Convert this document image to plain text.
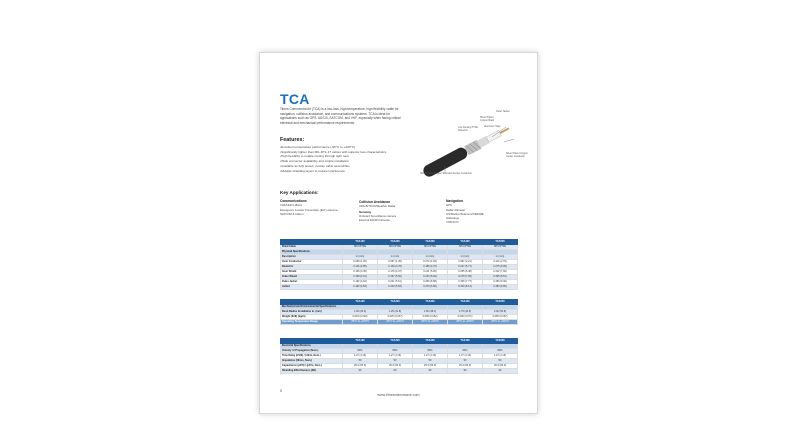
TCA
Times Commercial Air (TCA) is a low-loss, high-temperature, high flexibility cable for navigation, collision avoidance, and communications systems. TCA is ideal for applications such as GPS, ADS-B, SATCOM, and VHF, especially when facing critical electrical and mechanical performance requirements.
Features:
• Excellent temperature performance (-65°C to +200°C)
• Significantly lighter than MIL-DTL-17 cables with superior loss characteristics
• High flexibility to enable routing through tight runs
• Wide connector availability and simple installation
• Available as fully tested, custom cable assemblies
• Multiple shielding layers to reduce interference
Outer Jacket
Silver Plated Copper Braid
Aluminum Tape
Low Density PTFE Dielectric
Silver Plated Copper Center Conductor
Silver Plated Copper Stranded Center Conductor
Key Applications:
Communications
VHF/UHF/L-Band
Emergency Locator Transmitter (ELT) antenna
SATCOM & Iridium
Collision Avoidance
ADS-B/TCAS/Weather Radar
Sensing
Onboard Surveillance camera
External EO/IR Cameras
Navigation
GPS
Radar Altimeter
ILS/Marker Beacon/VOR/DME
Glideslope
VOR/LOC
	TCA100	TCA200	TCA300	TCA400	TCA500
Braid Cable	SPC/PTFE	SPC/PTFE	SPC/PTFE	SPC/PTFE	SPC/PTFE
Physical Specifications					
Description	in (mm)	in (mm)	in (mm)	in (mm)	in (mm)
Inner Conductor	0.039 (1.00)	0.057 (1.45)	0.072 (1.83)	0.087 (2.21)	0.110 (2.79)
Dielectric	0.116 (2.95)	0.149 (3.78)	0.185 (4.70)	0.227 (5.77)	0.275 (6.99)
Inner Shield	0.136 (3.45)	0.176 (4.47)	0.211 (5.36)	0.255 (6.48)	0.312 (7.92)
Outer Shield	0.158 (4.01)	0.197 (5.00)	0.233 (5.92)	0.278 (7.06)	0.335 (8.51)
Outer Jacket	0.182 (4.62)	0.221 (5.61)	0.259 (6.58)	0.306 (7.77)	0.366 (9.30)
Jacket	0.190 (4.83)	0.230 (5.84)	0.270 (6.86)	0.320 (8.13)	0.380 (9.65)
	TCA100	TCA200	TCA300	TCA400	TCA500
Mechanical and Environmental Specifications					
Bend Radius Installation in. (mm)	1.00 (25.4)	1.25 (31.8)	1.50 (38.1)	1.75 (44.5)	2.00 (50.8)
Weight (lb/ft) (kg/m)	0.015 (0.022)	0.025 (0.037)	0.035 (0.052)	0.048 (0.071)	0.065 (0.097)
Operating Temperature Range	-65°C to +200°C	-65°C to +200°C	-65°C to +200°C	-65°C to +200°C	-65°C to +200°C
	TCA100	TCA200	TCA300	TCA400	TCA500
Electrical Specifications					
Velocity of Propagation (Nom.)	80%	80%	80%	80%	80%
Time Delay (nS/ft) / (nS/m, Nom.)	1.27 (4.16)	1.27 (4.16)	1.27 (4.16)	1.27 (4.16)	1.27 (4.16)
Impedance (Ohms, Nom.)	50	50	50	50	50
Capacitance (pF/ft) / (pF/m, Nom.)	25.3 (83.0)	25.3 (83.0)	25.3 (83.0)	25.3 (83.0)	25.3 (83.0)
Shielding Effectiveness (dB)	90	90	90	90	90
5
www.timesmicrowave.com
